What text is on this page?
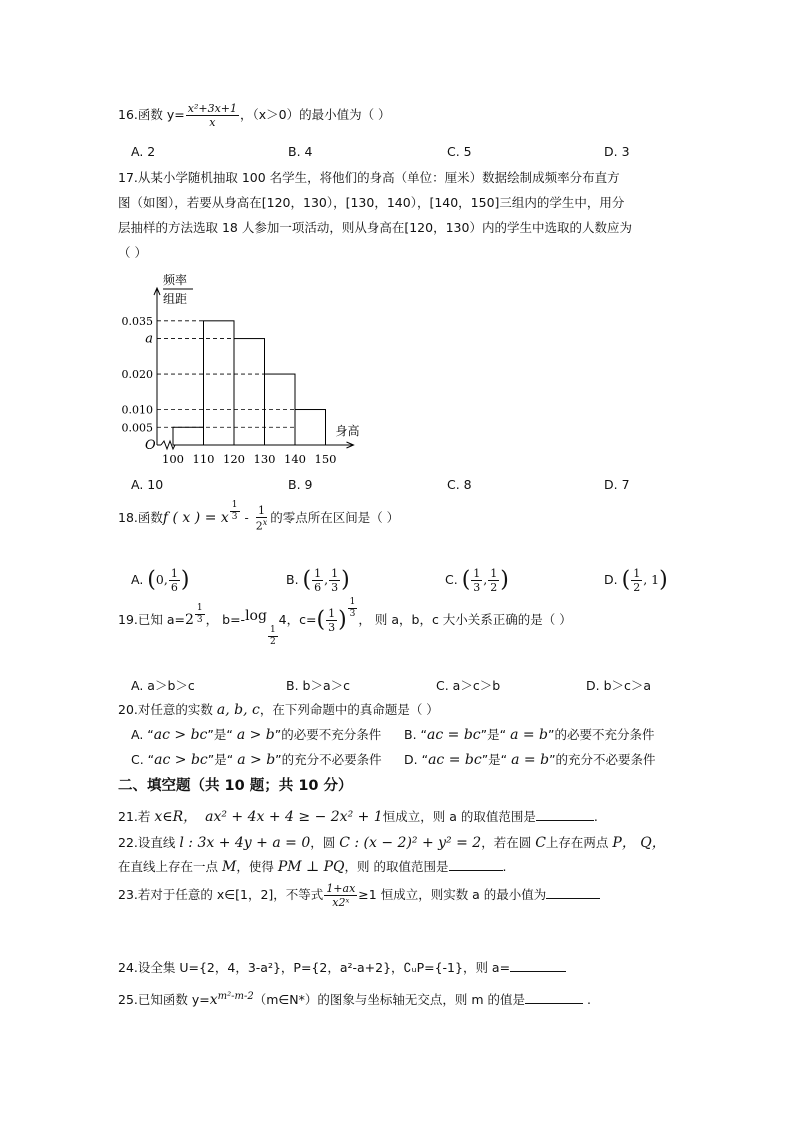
16.函数 $y= \frac{\text{x²+3x+1}}{x}$ ，（x＞0）的最小值为（ ）
A. 2	B. 4	C. 5	D. 3
17.从某小学随机抽取 100 名学生，将他们的身高（单位：厘米）数据绘制成频率分布直方
图（如图），若要从身高在[120，130），[130，140），[140，150]三组内的学生中，用分
层抽样的方法选取 18 人参加一项活动，则从身高在[120，130）内的学生中选取的人数应为
（ ）
频率
组距
身高
O
0.005
0.010
0.020
a
0.035
100 110 120 130 140 150
A. 10	B. 9	C. 8	D. 7
18.函数f ( x ) = x $\frac{1}{3} - \frac{1}{2^x}$ 的零点所在区间是（ ）
A. (0, $\frac{1}{6}$ )	B. ( $\frac{1}{6}$ , $\frac{1}{3}$ )	C. ( $\frac{1}{3}$ , $\frac{1}{2}$ )	D. ( $\frac{1}{2}$ , 1)
19.已知 $a=2 \frac{1}{3}$ ， b=-log
$\frac{1}{2}$
4，$c=( \frac{1}{3}$ ) $\frac{1}{3}$
， 则 a，b，c 大小关系正确的是（ ）
A. a＞b＞c	B. b＞a＞c	C. a＞c＞b	D. b＞c＞a
20.对任意的实数 a, b, c，在下列命题中的真命题是（ ）
A. “ac > bc”是“ a > b”的必要不充分条件 B. “ac = bc”是“ a = b”的必要不充分条件
C. “ac > bc”是“ a > b”的充分不必要条件 D. “ac = bc”是“ a = b”的充分不必要条件
二、填空题（共 10 题；共 10 分）
21.若 x∈R， ax² + 4x + 4 ≥ − 2x² + 1恒成立，则 a 的取值范围是	.
22.设直线 l : 3x + 4y + a = 0，圆 C : (x − 2)² + y² = 2，若在圆 C上存在两点 P， Q，
在直线上存在一点 M，使得 PM ⊥ PQ，则 的取值范围是	.
23.若对于任意的 x∈[1，2]，不等式 $\frac{1+ax}{\text{x2ˣ}} \ge 1$ 恒成立，则实数 a 的最小值为
24.设全集 U={2，4，3-a²}，P={2，a²-a+2}，∁ᵤP={-1}，则 a=
25.已知函数 $y=x^{m^2-m-2}(m\in N*)$的图象与坐标轴无交点，则 m 的值是	.
